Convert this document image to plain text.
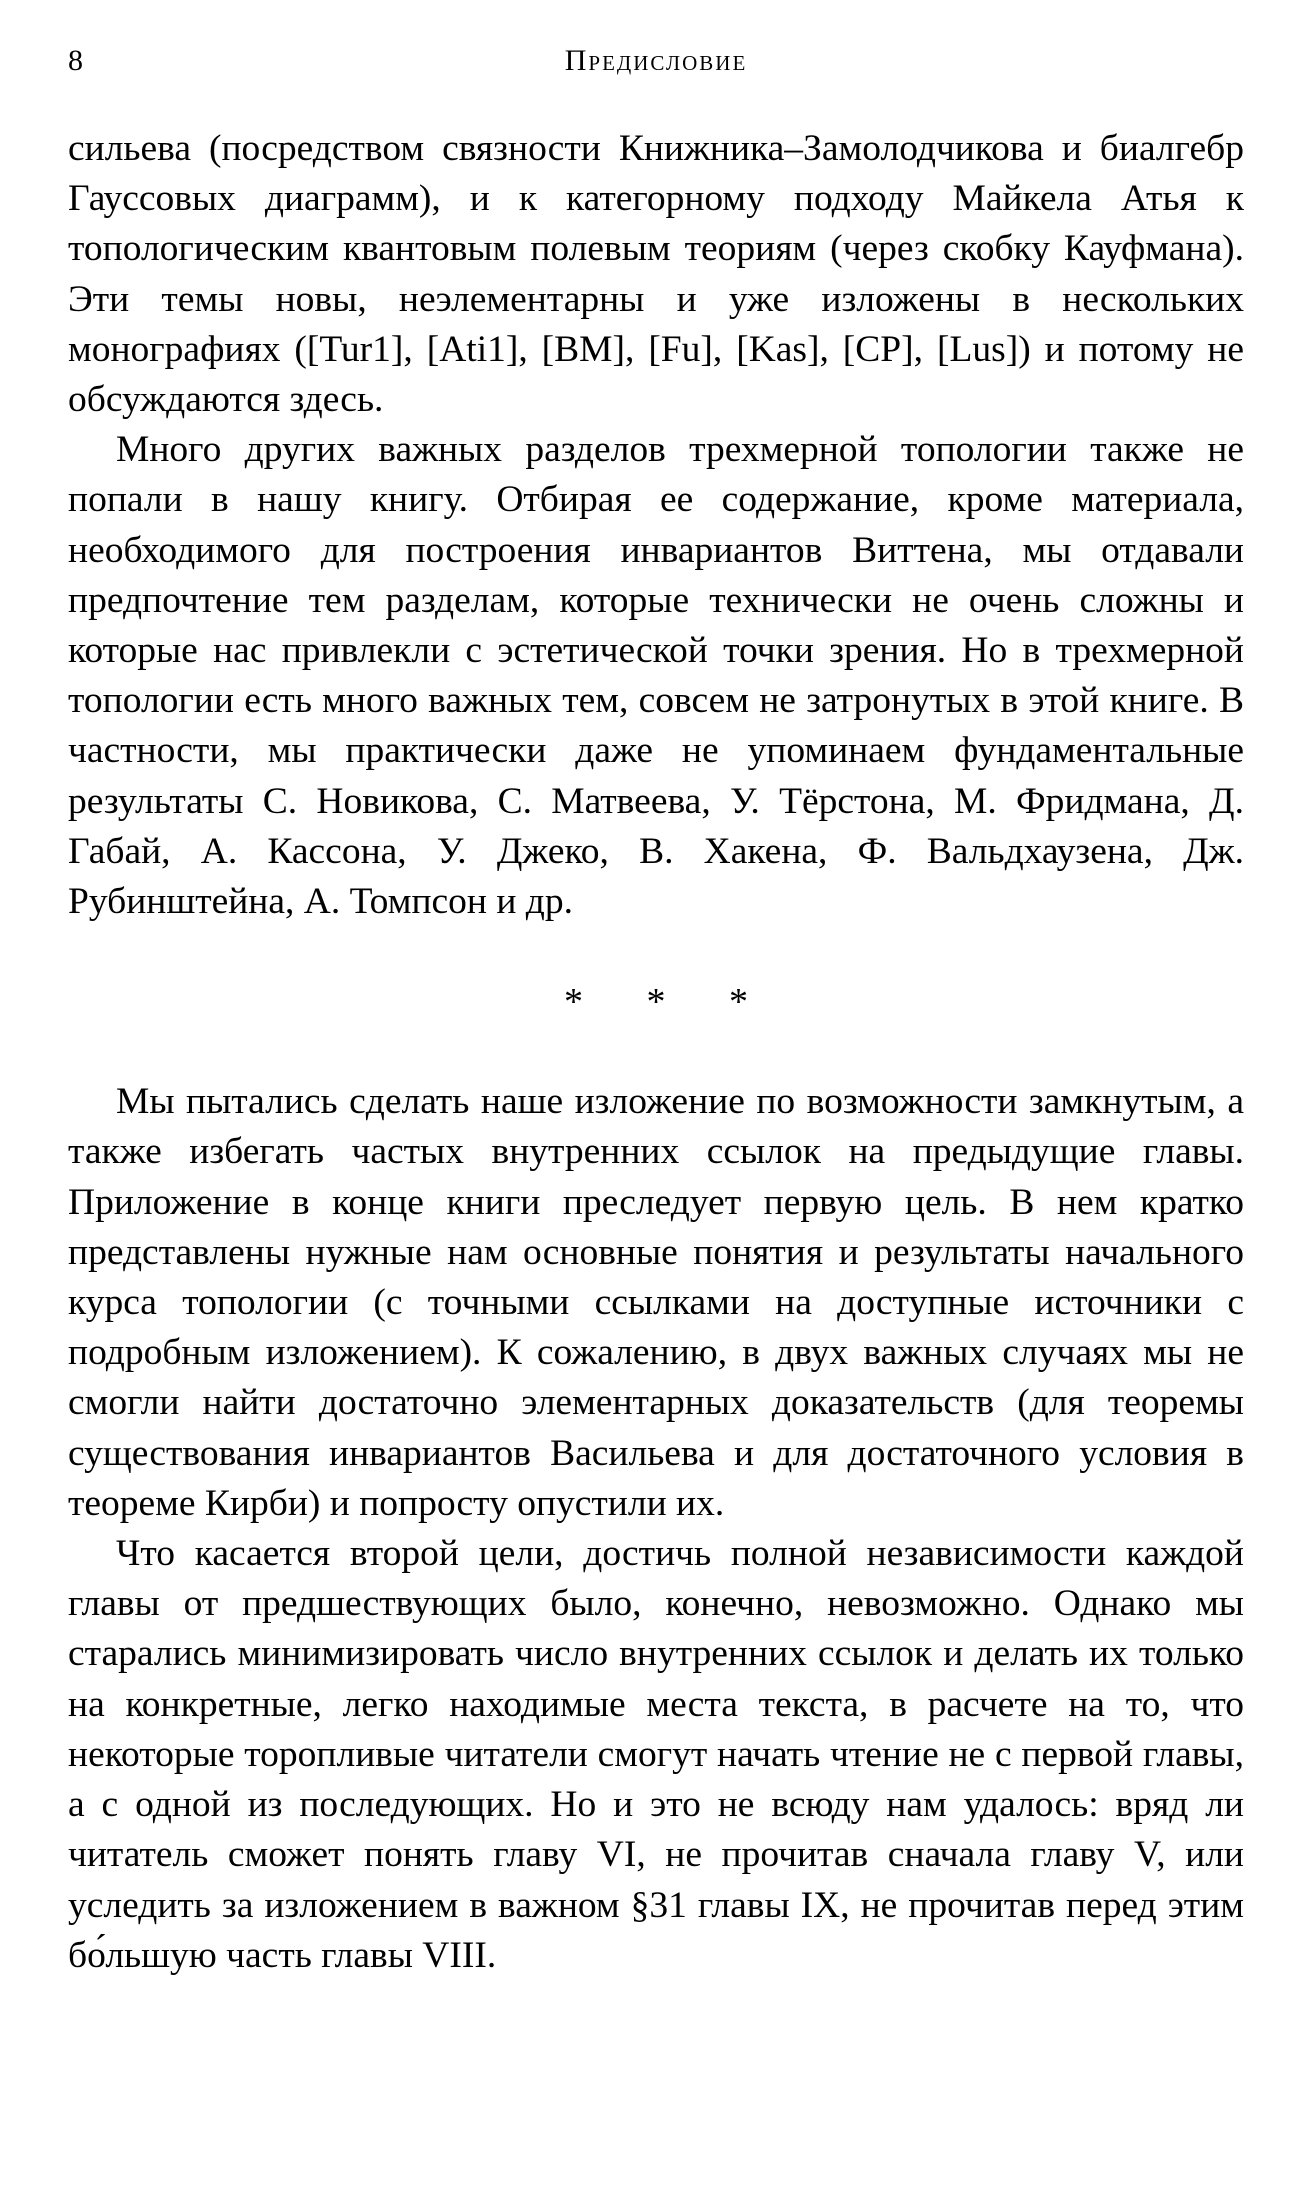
8	Предисловие

сильева (посредством связности Книжника–Замолодчикова и биалгебр Гауссовых диаграмм), и к категорному подходу Майкела Атья к топологическим квантовым полевым теориям (через скобку Кауфмана). Эти темы новы, неэлементарны и уже изложены в нескольких монографиях ([Tur1], [Ati1], [BM], [Fu], [Kas], [CP], [Lus]) и потому не обсуждаются здесь.

Много других важных разделов трехмерной топологии также не попали в нашу книгу. Отбирая ее содержание, кроме материала, необходимого для построения инвариантов Виттена, мы отдавали предпочтение тем разделам, которые технически не очень сложны и которые нас привлекли с эстетической точки зрения. Но в трехмерной топологии есть много важных тем, совсем не затронутых в этой книге. В частности, мы практически даже не упоминаем фундаментальные результаты С. Новикова, С. Матвеева, У. Тёрстона, М. Фридмана, Д. Габай, А. Кассона, У. Джеко, В. Хакена, Ф. Вальдхаузена, Дж. Рубинштейна, А. Томпсон и др.

* * *

Мы пытались сделать наше изложение по возможности замкнутым, а также избегать частых внутренних ссылок на предыдущие главы. Приложение в конце книги преследует первую цель. В нем кратко представлены нужные нам основные понятия и результаты начального курса топологии (с точными ссылками на доступные источники с подробным изложением). К сожалению, в двух важных случаях мы не смогли найти достаточно элементарных доказательств (для теоремы существования инвариантов Васильева и для достаточного условия в теореме Кирби) и попросту опустили их.

Что касается второй цели, достичь полной независимости каждой главы от предшествующих было, конечно, невозможно. Однако мы старались минимизировать число внутренних ссылок и делать их только на конкретные, легко находимые места текста, в расчете на то, что некоторые торопливые читатели смогут начать чтение не с первой главы, а с одной из последующих. Но и это не всюду нам удалось: вряд ли читатель сможет понять главу VI, не прочитав сначала главу V, или уследить за изложением в важном §31 главы IX, не прочитав перед этим бо́льшую часть главы VIII.
